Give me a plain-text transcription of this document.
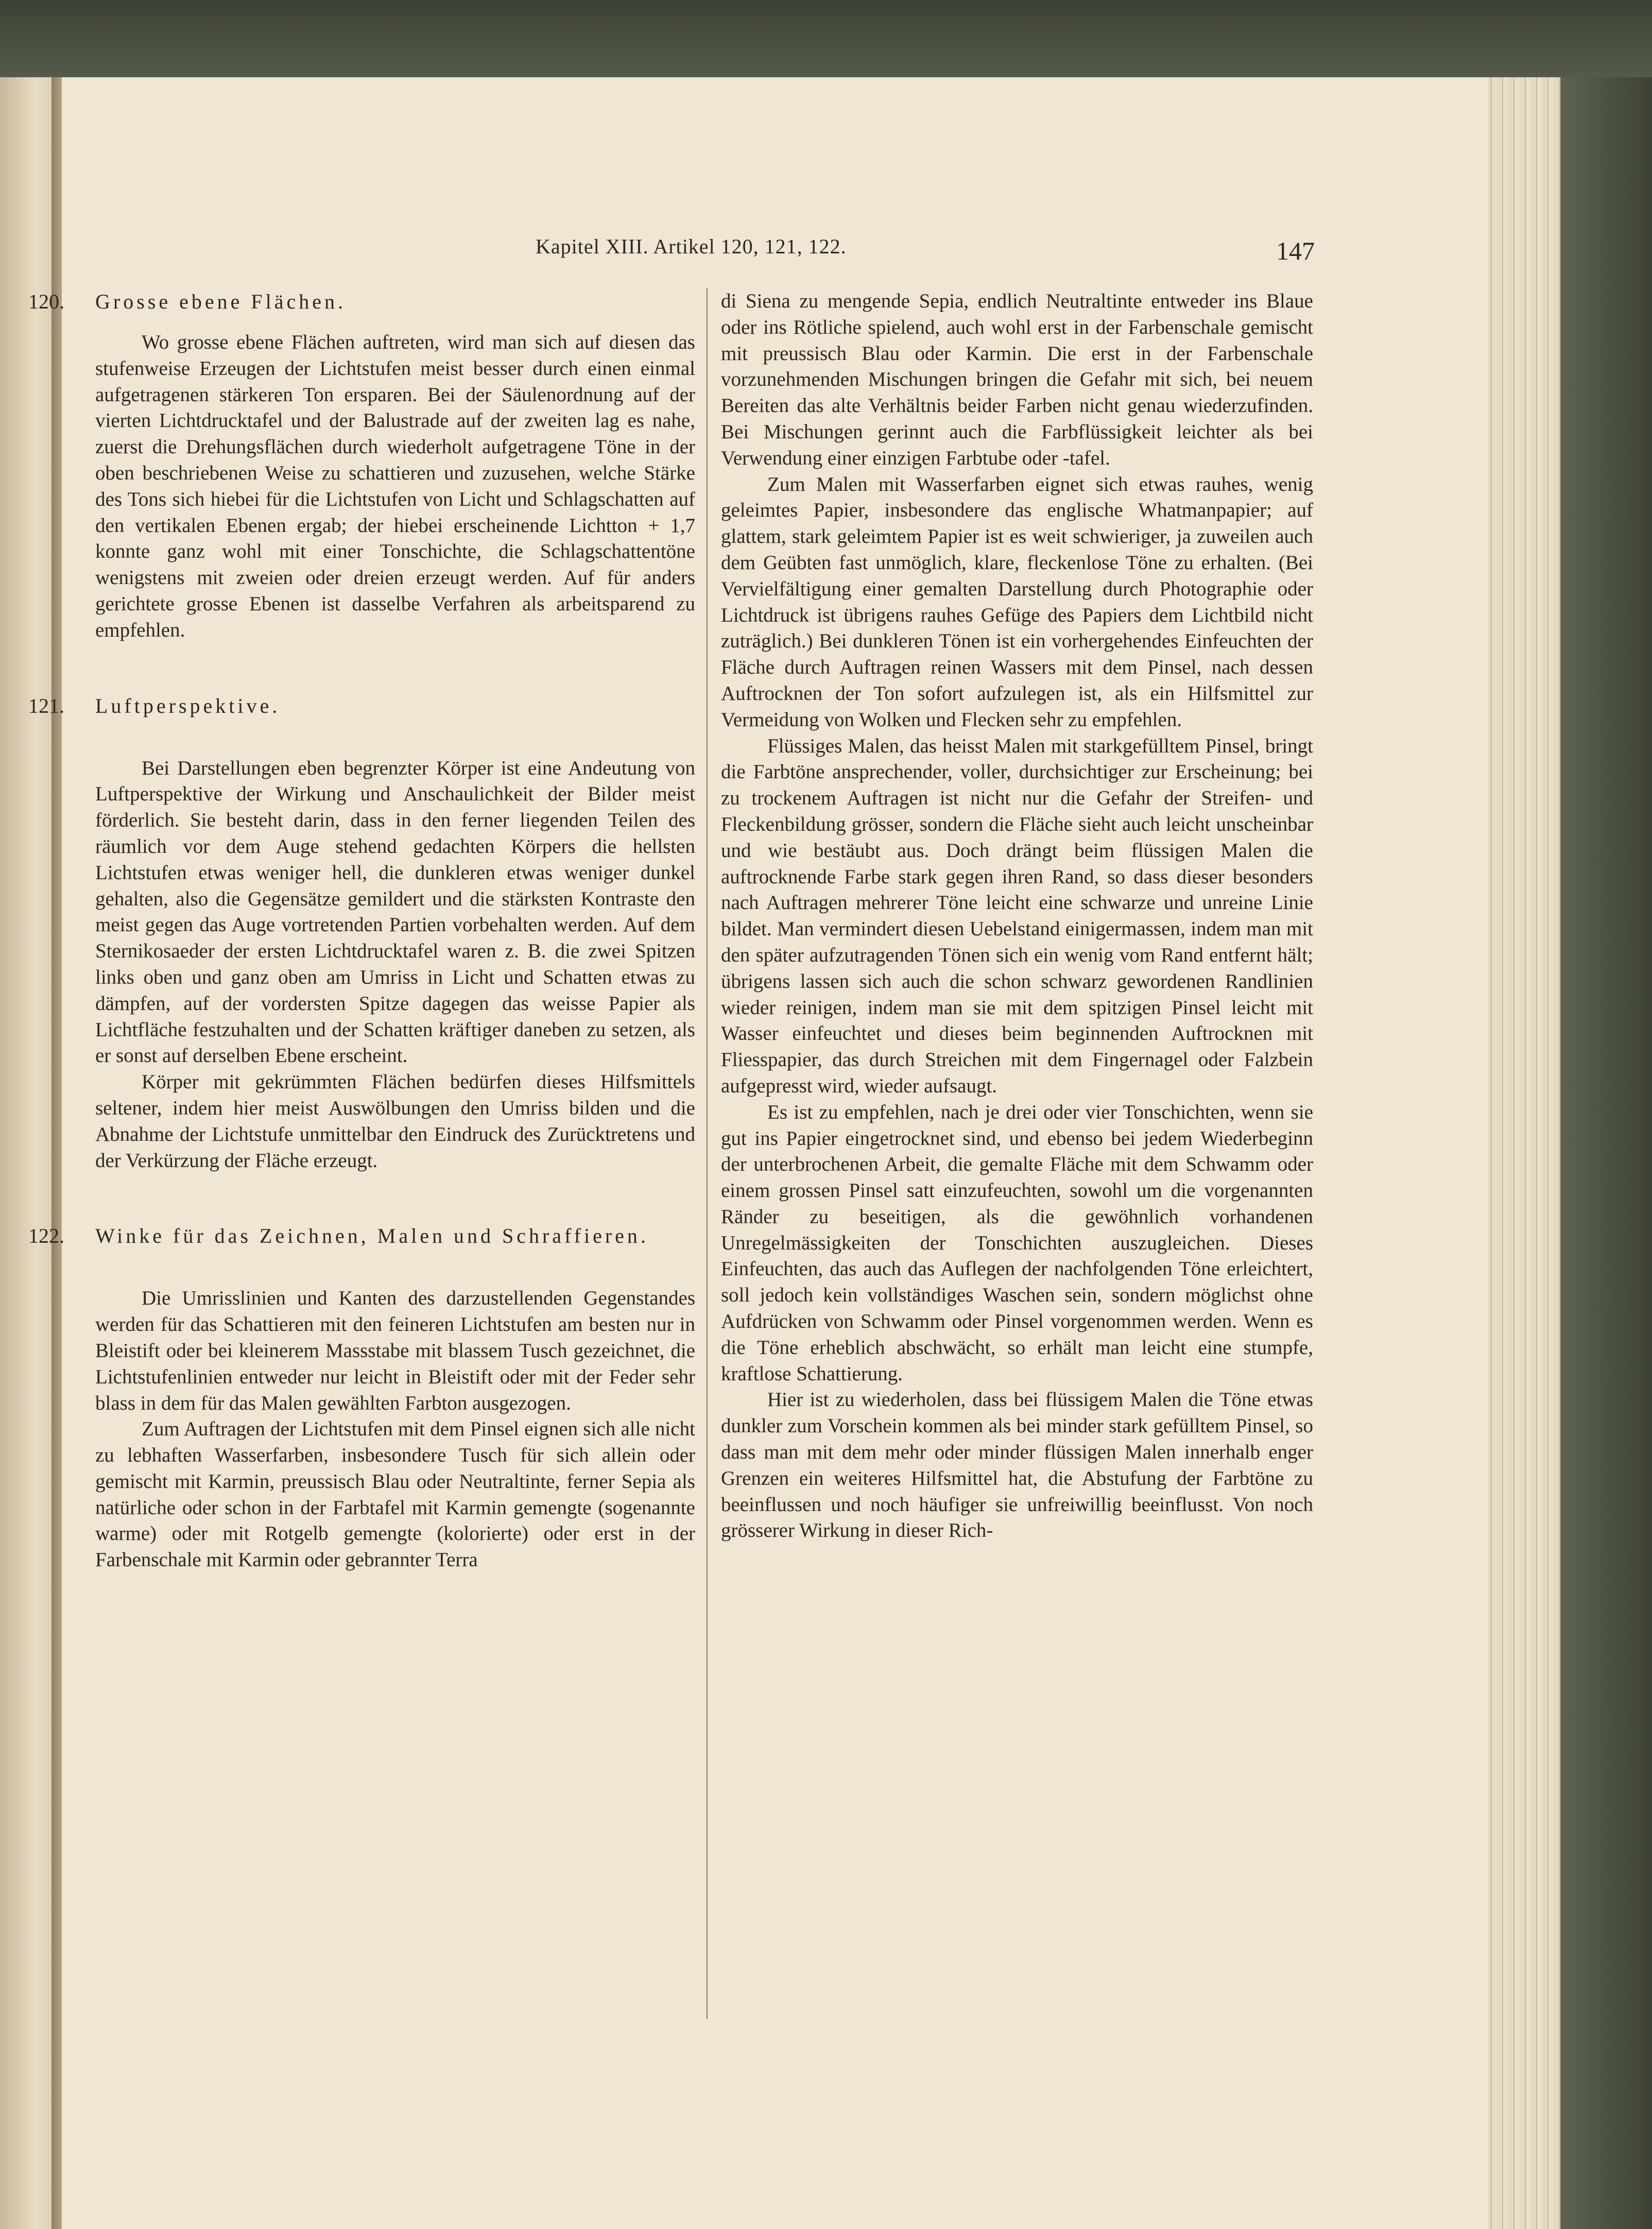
Kapitel XIII. Artikel 120, 121, 122.	147
120. Grosse ebene Flächen.

Wo grosse ebene Flächen auftreten, wird man sich auf diesen das stufenweise Erzeugen der Lichtstufen meist besser durch einen einmal aufgetragenen stärkeren Ton ersparen. Bei der Säulenordnung auf der vierten Lichtdrucktafel und der Balustrade auf der zweiten lag es nahe, zuerst die Drehungsflächen durch wiederholt aufgetragene Töne in der oben beschriebenen Weise zu schattieren und zuzusehen, welche Stärke des Tons sich hiebei für die Lichtstufen von Licht und Schlagschatten auf den vertikalen Ebenen ergab; der hiebei erscheinende Lichtton + 1,7 konnte ganz wohl mit einer Tonschichte, die Schlagschattentöne wenigstens mit zweien oder dreien erzeugt werden. Auf für anders gerichtete grosse Ebenen ist dasselbe Verfahren als arbeitsparend zu empfehlen.

121. Luftperspektive.

Bei Darstellungen eben begrenzter Körper ist eine Andeutung von Luftperspektive der Wirkung und Anschaulichkeit der Bilder meist förderlich. Sie besteht darin, dass in den ferner liegenden Teilen des räumlich vor dem Auge stehend gedachten Körpers die hellsten Lichtstufen etwas weniger hell, die dunkleren etwas weniger dunkel gehalten, also die Gegensätze gemildert und die stärksten Kontraste den meist gegen das Auge vortretenden Partien vorbehalten werden. Auf dem Sternikosaeder der ersten Lichtdrucktafel waren z. B. die zwei Spitzen links oben und ganz oben am Umriss in Licht und Schatten etwas zu dämpfen, auf der vordersten Spitze dagegen das weisse Papier als Lichtfläche festzuhalten und der Schatten kräftiger daneben zu setzen, als er sonst auf derselben Ebene erscheint.

Körper mit gekrümmten Flächen bedürfen dieses Hilfsmittels seltener, indem hier meist Auswölbungen den Umriss bilden und die Abnahme der Lichtstufe unmittelbar den Eindruck des Zurücktretens und der Verkürzung der Fläche erzeugt.

122. Winke für das Zeichnen, Malen und Schraffieren.

Die Umrisslinien und Kanten des darzustellenden Gegenstandes werden für das Schattieren mit den feineren Lichtstufen am besten nur in Bleistift oder bei kleinerem Massstabe mit blassem Tusch gezeichnet, die Lichtstufenlinien entweder nur leicht in Bleistift oder mit der Feder sehr blass in dem für das Malen gewählten Farbton ausgezogen.

Zum Auftragen der Lichtstufen mit dem Pinsel eignen sich alle nicht zu lebhaften Wasserfarben, insbesondere Tusch für sich allein oder gemischt mit Karmin, preussisch Blau oder Neutraltinte, ferner Sepia als natürliche oder schon in der Farbtafel mit Karmin gemengte (sogenannte warme) oder mit Rotgelb gemengte (kolorierte) oder erst in der Farbenschale mit Karmin oder gebrannter Terra

di Siena zu mengende Sepia, endlich Neutraltinte entweder ins Blaue oder ins Rötliche spielend, auch wohl erst in der Farbenschale gemischt mit preussisch Blau oder Karmin. Die erst in der Farbenschale vorzunehmenden Mischungen bringen die Gefahr mit sich, bei neuem Bereiten das alte Verhältnis beider Farben nicht genau wiederzufinden. Bei Mischungen gerinnt auch die Farbflüssigkeit leichter als bei Verwendung einer einzigen Farbtube oder -tafel.

Zum Malen mit Wasserfarben eignet sich etwas rauhes, wenig geleimtes Papier, insbesondere das englische Whatmanpapier; auf glattem, stark geleimtem Papier ist es weit schwieriger, ja zuweilen auch dem Geübten fast unmöglich, klare, fleckenlose Töne zu erhalten. (Bei Vervielfältigung einer gemalten Darstellung durch Photographie oder Lichtdruck ist übrigens rauhes Gefüge des Papiers dem Lichtbild nicht zuträglich.) Bei dunkleren Tönen ist ein vorhergehendes Einfeuchten der Fläche durch Auftragen reinen Wassers mit dem Pinsel, nach dessen Auftrocknen der Ton sofort aufzulegen ist, als ein Hilfsmittel zur Vermeidung von Wolken und Flecken sehr zu empfehlen.

Flüssiges Malen, das heisst Malen mit starkgefülltem Pinsel, bringt die Farbtöne ansprechender, voller, durchsichtiger zur Erscheinung; bei zu trockenem Auftragen ist nicht nur die Gefahr der Streifen- und Fleckenbildung grösser, sondern die Fläche sieht auch leicht unscheinbar und wie bestäubt aus. Doch drängt beim flüssigen Malen die auftrocknende Farbe stark gegen ihren Rand, so dass dieser besonders nach Auftragen mehrerer Töne leicht eine schwarze und unreine Linie bildet. Man vermindert diesen Uebelstand einigermassen, indem man mit den später aufzutragenden Tönen sich ein wenig vom Rand entfernt hält; übrigens lassen sich auch die schon schwarz gewordenen Randlinien wieder reinigen, indem man sie mit dem spitzigen Pinsel leicht mit Wasser einfeuchtet und dieses beim beginnenden Auftrocknen mit Fliesspapier, das durch Streichen mit dem Fingernagel oder Falzbein aufgepresst wird, wieder aufsaugt.

Es ist zu empfehlen, nach je drei oder vier Tonschichten, wenn sie gut ins Papier eingetrocknet sind, und ebenso bei jedem Wiederbeginn der unterbrochenen Arbeit, die gemalte Fläche mit dem Schwamm oder einem grossen Pinsel satt einzufeuchten, sowohl um die vorgenannten Ränder zu beseitigen, als die gewöhnlich vorhandenen Unregelmässigkeiten der Tonschichten auszugleichen. Dieses Einfeuchten, das auch das Auflegen der nachfolgenden Töne erleichtert, soll jedoch kein vollständiges Waschen sein, sondern möglichst ohne Aufdrücken von Schwamm oder Pinsel vorgenommen werden. Wenn es die Töne erheblich abschwächt, so erhält man leicht eine stumpfe, kraftlose Schattierung.

Hier ist zu wiederholen, dass bei flüssigem Malen die Töne etwas dunkler zum Vorschein kommen als bei minder stark gefülltem Pinsel, so dass man mit dem mehr oder minder flüssigen Malen innerhalb enger Grenzen ein weiteres Hilfsmittel hat, die Abstufung der Farbtöne zu beeinflussen und noch häufiger sie unfreiwillig beeinflusst. Von noch grösserer Wirkung in dieser Rich-
